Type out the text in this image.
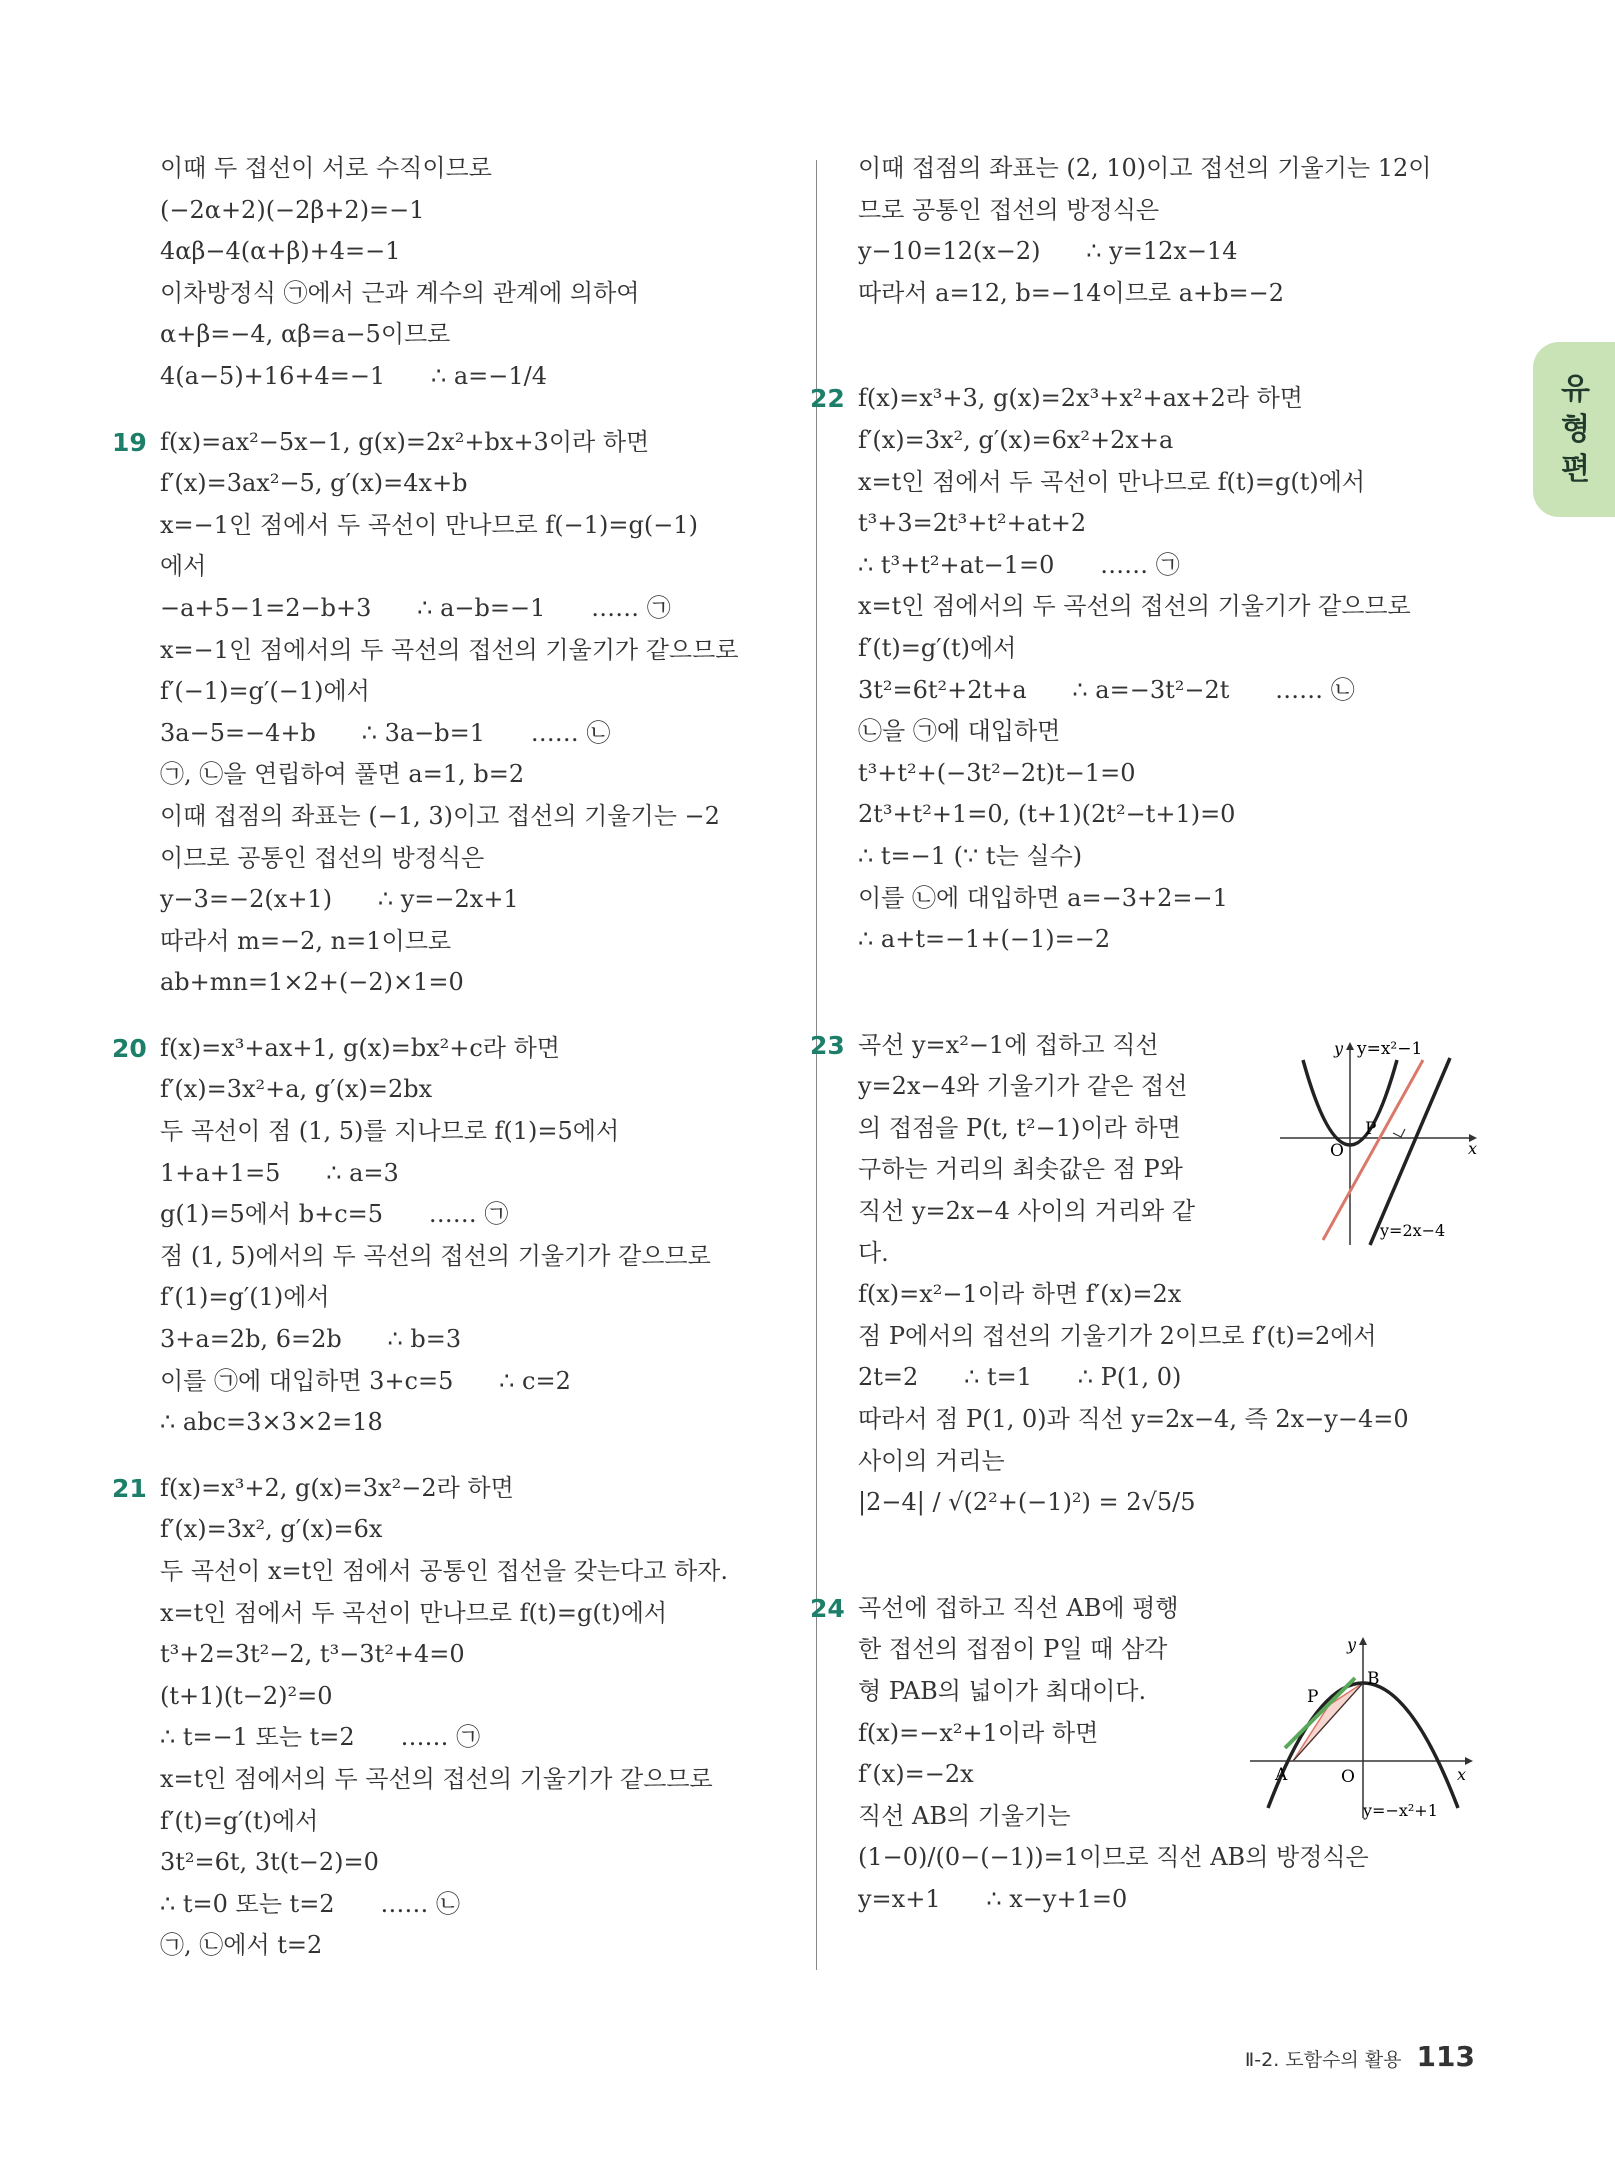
이때 두 접선이 서로 수직이므로
(−2α+2)(−2β+2)=−1
4αβ−4(α+β)+4=−1
이차방정식 ㉠에서 근과 계수의 관계에 의하여
α+β=−4, αβ=a−5이므로
4(a−5)+16+4=−1      ∴ a=−1/4
19 f(x)=ax²−5x−1, g(x)=2x²+bx+3이라 하면
f′(x)=3ax²−5, g′(x)=4x+b
x=−1인 점에서 두 곡선이 만나므로 f(−1)=g(−1)
에서
−a+5−1=2−b+3      ∴ a−b=−1      …… ㉠
x=−1인 점에서의 두 곡선의 접선의 기울기가 같으므로
f′(−1)=g′(−1)에서
3a−5=−4+b      ∴ 3a−b=1      …… ㉡
㉠, ㉡을 연립하여 풀면 a=1, b=2
이때 접점의 좌표는 (−1, 3)이고 접선의 기울기는 −2
이므로 공통인 접선의 방정식은
y−3=−2(x+1)      ∴ y=−2x+1
따라서 m=−2, n=1이므로
ab+mn=1×2+(−2)×1=0
20 f(x)=x³+ax+1, g(x)=bx²+c라 하면
f′(x)=3x²+a, g′(x)=2bx
두 곡선이 점 (1, 5)를 지나므로 f(1)=5에서
1+a+1=5      ∴ a=3
g(1)=5에서 b+c=5      …… ㉠
점 (1, 5)에서의 두 곡선의 접선의 기울기가 같으므로
f′(1)=g′(1)에서
3+a=2b, 6=2b      ∴ b=3
이를 ㉠에 대입하면 3+c=5      ∴ c=2
∴ abc=3×3×2=18
21 f(x)=x³+2, g(x)=3x²−2라 하면
f′(x)=3x², g′(x)=6x
두 곡선이 x=t인 점에서 공통인 접선을 갖는다고 하자.
x=t인 점에서 두 곡선이 만나므로 f(t)=g(t)에서
t³+2=3t²−2, t³−3t²+4=0
(t+1)(t−2)²=0
∴ t=−1 또는 t=2      …… ㉠
x=t인 점에서의 두 곡선의 접선의 기울기가 같으므로
f′(t)=g′(t)에서
3t²=6t, 3t(t−2)=0
∴ t=0 또는 t=2      …… ㉡
㉠, ㉡에서 t=2
이때 접점의 좌표는 (2, 10)이고 접선의 기울기는 12이
므로 공통인 접선의 방정식은
y−10=12(x−2)      ∴ y=12x−14
따라서 a=12, b=−14이므로 a+b=−2
22 f(x)=x³+3, g(x)=2x³+x²+ax+2라 하면
f′(x)=3x², g′(x)=6x²+2x+a
x=t인 점에서 두 곡선이 만나므로 f(t)=g(t)에서
t³+3=2t³+t²+at+2
∴ t³+t²+at−1=0      …… ㉠
x=t인 점에서의 두 곡선의 접선의 기울기가 같으므로
f′(t)=g′(t)에서
3t²=6t²+2t+a      ∴ a=−3t²−2t      …… ㉡
㉡을 ㉠에 대입하면
t³+t²+(−3t²−2t)t−1=0
2t³+t²+1=0, (t+1)(2t²−t+1)=0
∴ t=−1 (∵ t는 실수)
이를 ㉡에 대입하면 a=−3+2=−1
∴ a+t=−1+(−1)=−2
23 곡선 y=x²−1에 접하고 직선
y=2x−4와 기울기가 같은 접선
의 접점을 P(t, t²−1)이라 하면
구하는 거리의 최솟값은 점 P와
직선 y=2x−4 사이의 거리와 같
다.
f(x)=x²−1이라 하면 f′(x)=2x
점 P에서의 접선의 기울기가 2이므로 f′(t)=2에서
2t=2      ∴ t=1      ∴ P(1, 0)
따라서 점 P(1, 0)과 직선 y=2x−4, 즉 2x−y−4=0
사이의 거리는
|2−4| / √(2²+(−1)²) = 2√5/5
24 곡선에 접하고 직선 AB에 평행
한 접선의 접점이 P일 때 삼각
형 PAB의 넓이가 최대이다.
f(x)=−x²+1이라 하면
f′(x)=−2x
직선 AB의 기울기는
(1−0)/(0−(−1))=1이므로 직선 AB의 방정식은
y=x+1      ∴ x−y+1=0
y y=x²−1
x
O
P
y=2x−4
y
B
P
A	O	x
y=−x²+1
유형편
Ⅱ-2. 도함수의 활용 113
